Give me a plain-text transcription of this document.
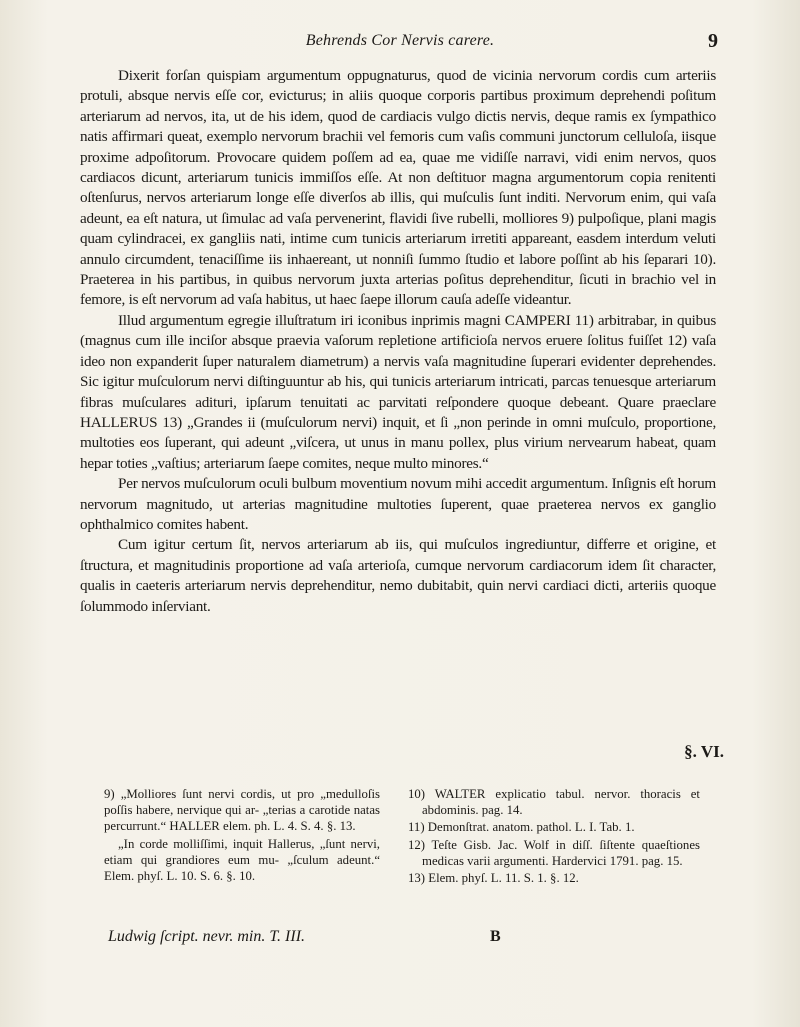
Behrends Cor Nervis carere.	9

Dixerit forſan quispiam argumentum oppugnaturus, quod de vicinia nervorum cordis cum arteriis protuli, absque nervis eſſe cor, evicturus; in aliis quoque corporis partibus proximum deprehendi poſitum arteriarum ad nervos, ita, ut de his idem, quod de cardiacis vulgo dictis nervis, deque ramis ex ſympathico natis affirmari queat, exemplo nervorum brachii vel femoris cum vaſis communi junctorum celluloſa, iisque proxime adpoſitorum. Provocare quidem poſſem ad ea, quae me vidiſſe narravi, vidi enim nervos, quos cardiacos dicunt, arteriarum tunicis immiſſos eſſe. At non deſtituor magna argumentorum copia renitenti oſtenſurus, nervos arteriarum longe eſſe diverſos ab illis, qui muſculis ſunt inditi. Nervorum enim, qui vaſa adeunt, ea eſt natura, ut ſimulac ad vaſa pervenerint, flavidi ſive rubelli, molliores 9) pulpoſique, plani magis quam cylindracei, ex gangliis nati, intime cum tunicis arteriarum irretiti appareant, easdem interdum veluti annulo circumdent, tenaciſſime iis inhaereant, ut nonniſi ſummo ſtudio et labore poſſint ab his ſeparari 10). Praeterea in his partibus, in quibus nervorum juxta arterias poſitus deprehenditur, ſicuti in brachio vel in femore, is eſt nervorum ad vaſa habitus, ut haec ſaepe illorum cauſa adeſſe videantur.

Illud argumentum egregie illuſtratum iri iconibus inprimis magni CAMPERI 11) arbitrabar, in quibus (magnus cum ille inciſor absque praevia vaſorum repletione artificioſa nervos eruere ſolitus fuiſſet 12) vaſa ideo non expanderit ſuper naturalem diametrum) a nervis vaſa magnitudine ſuperari evidenter deprehendes. Sic igitur muſculorum nervi diſtinguuntur ab his, qui tunicis arteriarum intricati, parcas tenuesque arteriarum fibras muſculares adituri, ipſarum tenuitati ac parvitati reſpondere quoque debeant. Quare praeclare HALLERUS 13) „Grandes ii (muſculorum nervi) inquit, et ſi „non perinde in omni muſculo, proportione, multoties eos ſuperant, qui adeunt „viſcera, ut unus in manu pollex, plus virium nervearum habeat, quam hepar toties „vaſtius; arteriarum ſaepe comites, neque multo minores.“

Per nervos muſculorum oculi bulbum moventium novum mihi accedit argumentum. Inſignis eſt horum nervorum magnitudo, ut arterias magnitudine multoties ſuperent, quae praeterea nervos ex ganglio ophthalmico comites habent.

Cum igitur certum ſit, nervos arteriarum ab iis, qui muſculos ingrediuntur, differre et origine, et ſtructura, et magnitudinis proportione ad vaſa arterioſa, cumque nervorum cardiacorum idem ſit character, qualis in caeteris arteriarum nervis deprehenditur, nemo dubitabit, quin nervi cardiaci dicti, arteriis quoque ſolummodo inſerviant.

§. VI.

9) „Molliores ſunt nervi cordis, ut pro „medulloſis poſſis habere, nervique qui ar- „terias a carotide natas percurrunt.“ HALLER elem. ph. L. 4. S. 4. §. 13.

„In corde molliſſimi, inquit Hallerus, „ſunt nervi, etiam qui grandiores eum mu- „ſculum adeunt.“ Elem. phyſ. L. 10. S. 6. §. 10.

10) WALTER explicatio tabul. nervor. thoracis et abdominis. pag. 14.

11) Demonſtrat. anatom. pathol. L. I. Tab. 1.

12) Teſte Gisb. Jac. Wolf in diſſ. ſiſtente quaeſtiones medicas varii argumenti. Hardervici 1791. pag. 15.

13) Elem. phyſ. L. 11. S. 1. §. 12.

Ludwig ſcript. nevr. min. T. III.	B
